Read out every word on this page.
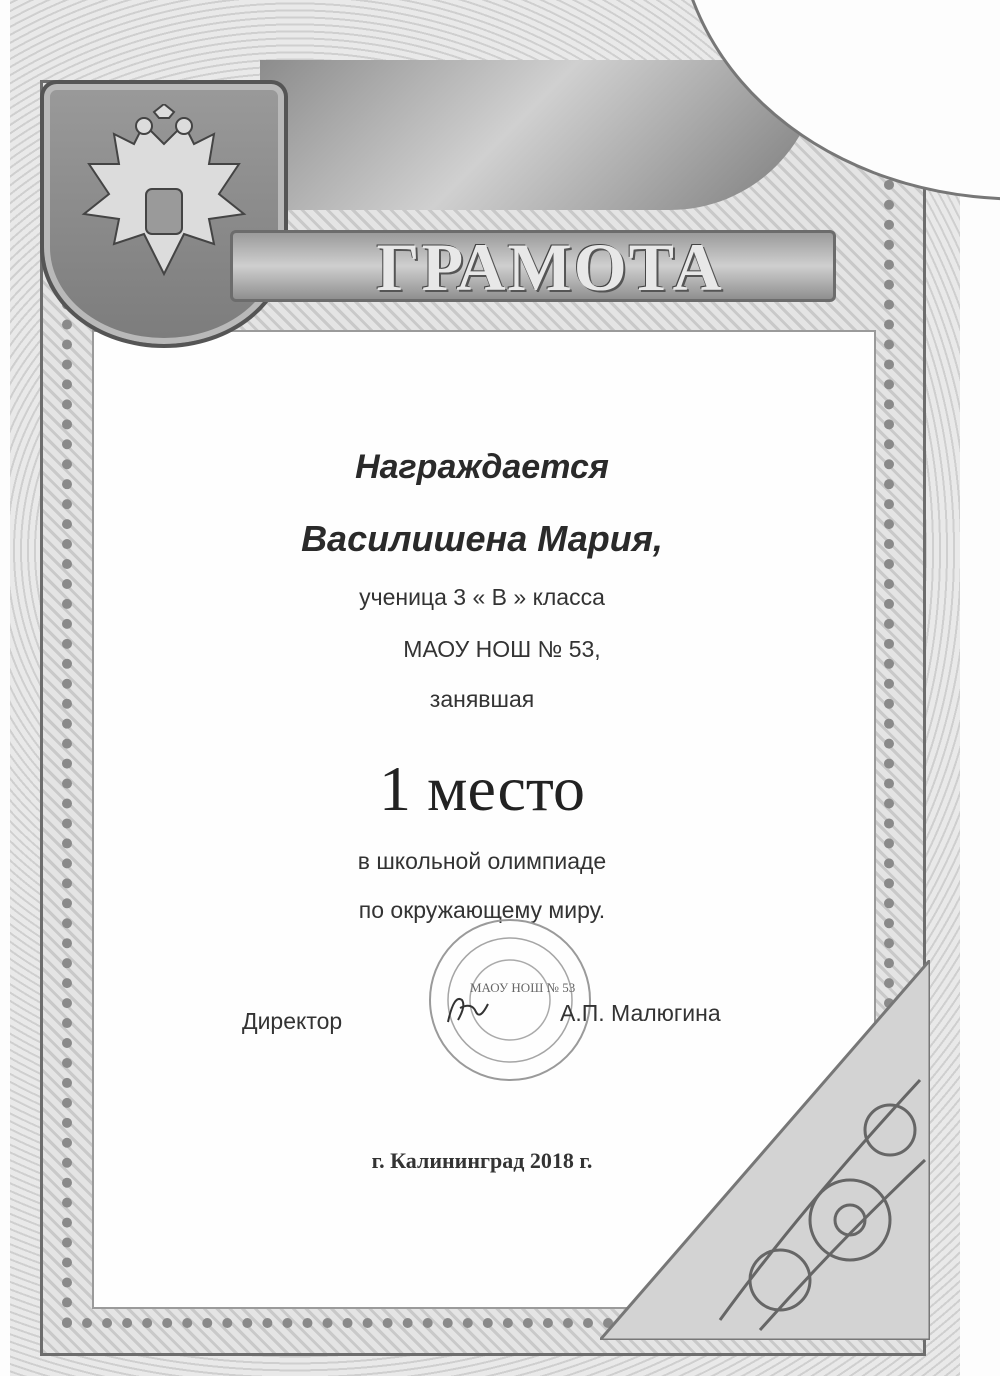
ГРАМОТА
Награждается
Василишена Мария,
ученица 3 « В » класса
МАОУ НОШ № 53,
занявшая
1 место
в школьной олимпиаде
по окружающему миру.
МАОУ НОШ № 53
Директор	А.П. Малюгина
г. Калининград 2018 г.
